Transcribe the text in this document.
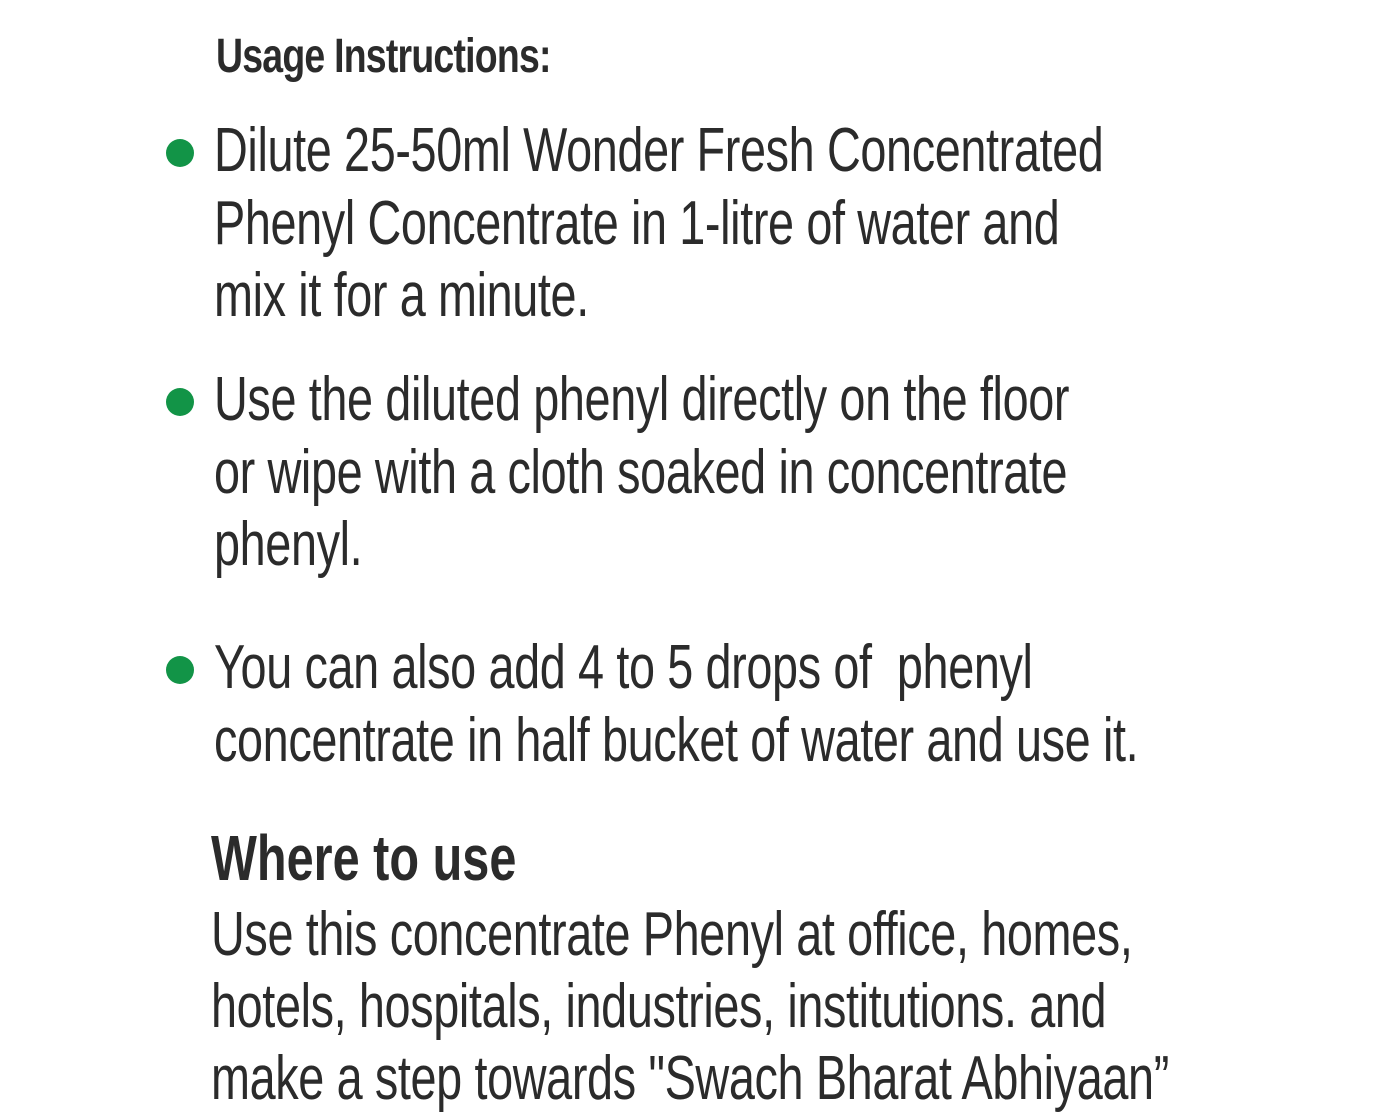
Usage Instructions:

Dilute 25-50ml Wonder Fresh Concentrated
Phenyl Concentrate in 1-litre of water and
mix it for a minute.

Use the diluted phenyl directly on the floor
or wipe with a cloth soaked in concentrate
phenyl.

You can also add 4 to 5 drops of  phenyl
concentrate in half bucket of water and use it.

Where to use

Use this concentrate Phenyl at office, homes,
hotels, hospitals, industries, institutions. and
make a step towards "Swach Bharat Abhiyaan”
